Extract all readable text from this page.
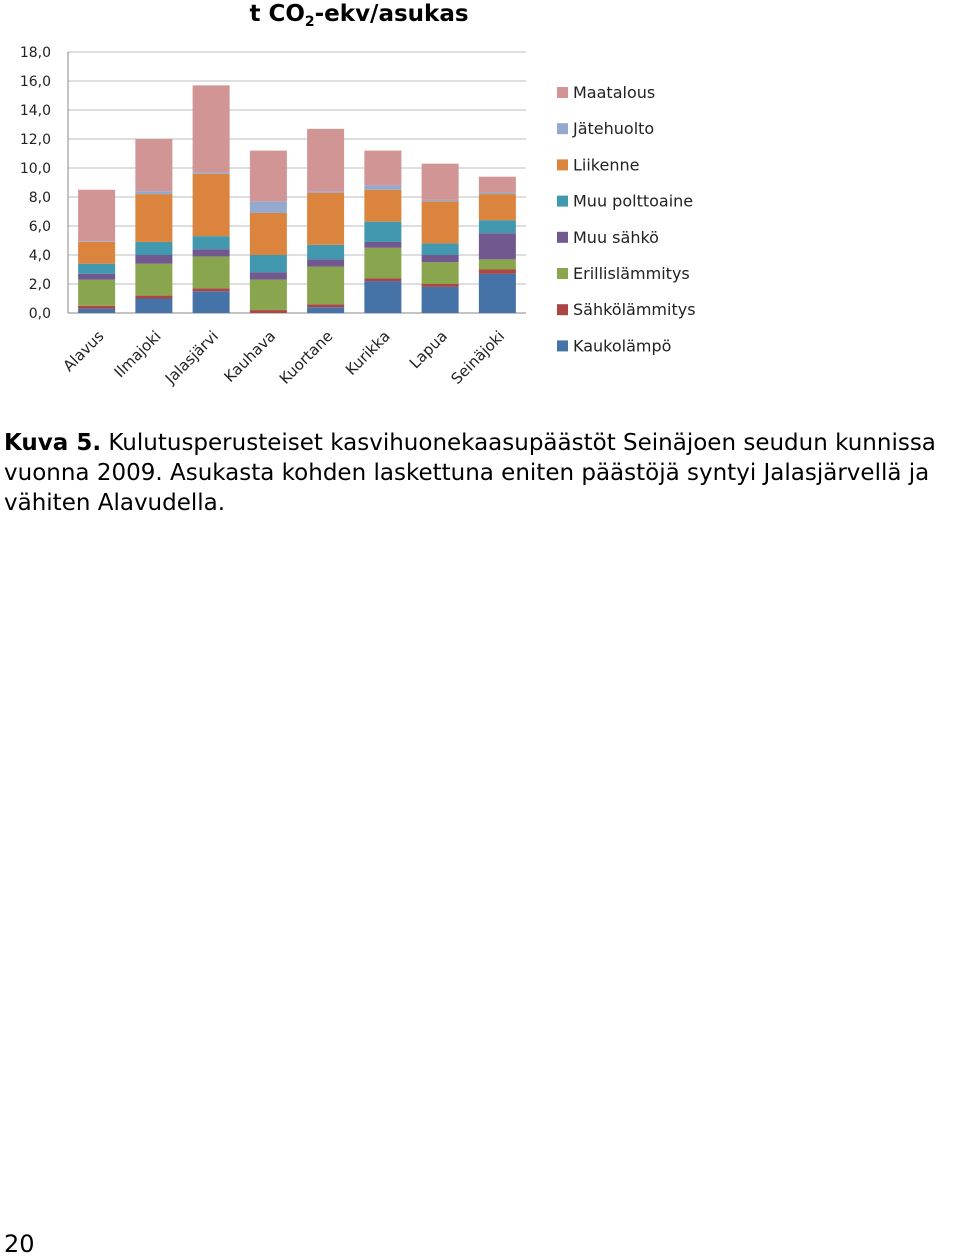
t $CO_2-ekv$/asukas
0,0
2,0
4,0
6,0
8,0
10,0
12,0
14,0
16,0
18,0
Alavus Ilmajoki
Jalasjärvi
Kauhava
Kuortane Kurikka Lapua
Seinäjoki
Maatalous
Jätehuolto
Liikenne
Muu polttoaine
Muu sähkö
Erillislämmitys
Sähkölämmitys
Kaukolämpö

Kuva 5. Kulutusperusteiset kasvihuonekaasupäästöt Seinäjoen seudun kunnissa vuonna 2009. Asukasta kohden laskettuna eniten päästöjä syntyi Jalasjärvellä ja vähiten Alavudella.

20
